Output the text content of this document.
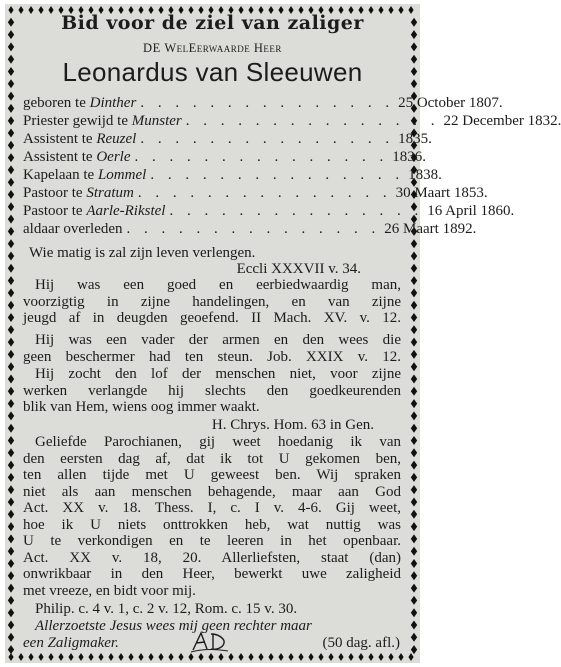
Bid voor de ziel van zaliger
DE WelEerwaarde Heer
Leonardus van Sleeuwen
geboren te Dinther . . . . . . . . . . . . . . . 25 October 1807.
Priester gewijd te Munster . . . . . . . . . . . . . . . 22 December 1832.
Assistent te Reuzel . . . . . . . . . . . . . . . 1835.
Assistent te Oerle . . . . . . . . . . . . . . . 1836.
Kapelaan te Lommel . . . . . . . . . . . . . . . 1838.
Pastoor te Stratum . . . . . . . . . . . . . . . 30 Maart 1853.
Pastoor te Aarle-Rikstel . . . . . . . . . . . . . . . 16 April 1860.
aldaar overleden . . . . . . . . . . . . . . . 26 Maart 1892.
Wie matig is zal zijn leven verlengen.
Eccli XXXVII v. 34.
Hij was een goed en eerbiedwaardig man,
voorzigtig in zijne handelingen, en van zijne
jeugd af in deugden geoefend. II Mach. XV. v. 12.
Hij was een vader der armen en den wees die
geen beschermer had ten steun. Job. XXIX v. 12.
Hij zocht den lof der menschen niet, voor zijne
werken verlangde hij slechts den goedkeurenden
blik van Hem, wiens oog immer waakt.
H. Chrys. Hom. 63 in Gen.
Geliefde Parochianen, gij weet hoedanig ik van
den eersten dag af, dat ik tot U gekomen ben,
ten allen tijde met U geweest ben. Wij spraken
niet als aan menschen behagende, maar aan God
Act. XX v. 18. Thess. I, c. I v. 4-6. Gij weet,
hoe ik U niets onttrokken heb, wat nuttig was
U te verkondigen en te leeren in het openbaar.
Act. XX v. 18, 20. Allerliefsten, staat (dan)
onwrikbaar in den Heer, bewerkt uwe zaligheid
met vreeze, en bidt voor mij.
Philip. c. 4 v. 1, c. 2 v. 12, Rom. c. 15 v. 30.
Allerzoetste Jesus wees mij geen rechter maar
een Zaligmaker.	(50 dag. afl.)
